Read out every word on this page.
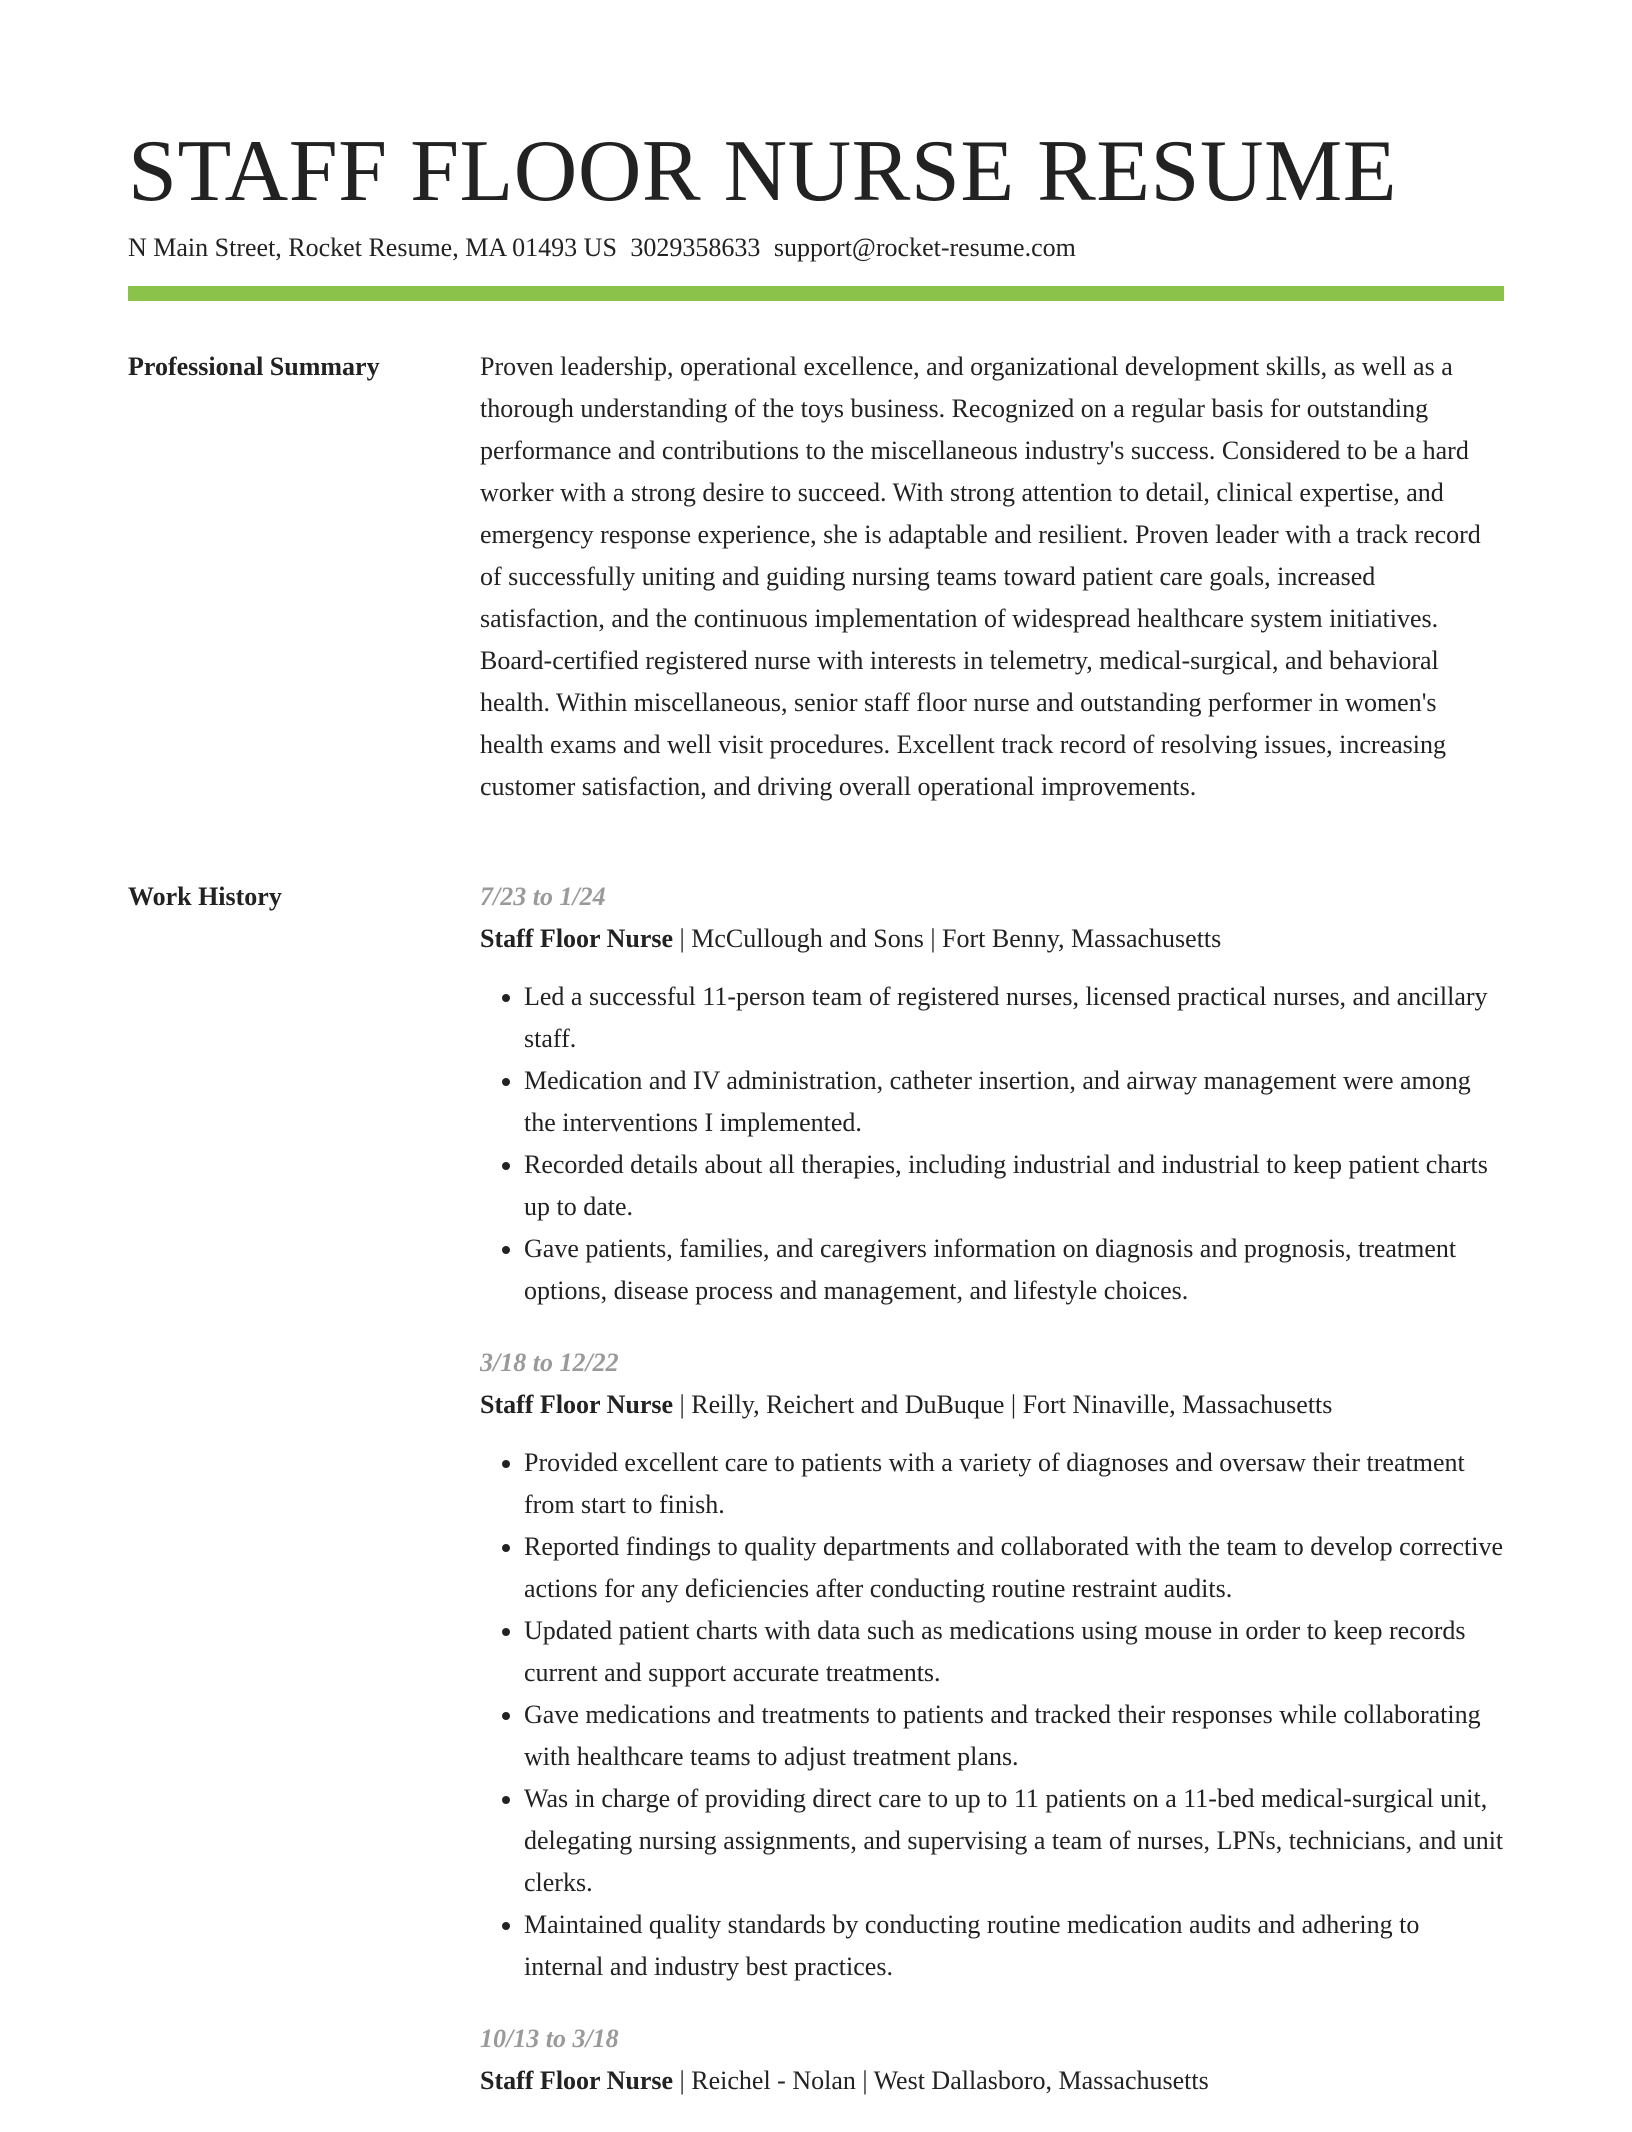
STAFF FLOOR NURSE RESUME
N Main Street, Rocket Resume, MA 01493 US 3029358633 support@rocket-resume.com
Professional Summary	Proven leadership, operational excellence, and organizational development skills, as well as a thorough understanding of the toys business. Recognized on a regular basis for outstanding performance and contributions to the miscellaneous industry's success. Considered to be a hard worker with a strong desire to succeed. With strong attention to detail, clinical expertise, and emergency response experience, she is adaptable and resilient. Proven leader with a track record of successfully uniting and guiding nursing teams toward patient care goals, increased satisfaction, and the continuous implementation of widespread healthcare system initiatives. Board-certified registered nurse with interests in telemetry, medical-surgical, and behavioral health. Within miscellaneous, senior staff floor nurse and outstanding performer in women's health exams and well visit procedures. Excellent track record of resolving issues, increasing customer satisfaction, and driving overall operational improvements.

Work History	7/23 to 1/24

Staff Floor Nurse | McCullough and Sons | Fort Benny, Massachusetts

• Led a successful 11-person team of registered nurses, licensed practical nurses, and ancillary staff.
• Medication and IV administration, catheter insertion, and airway management were among the interventions I implemented.
• Recorded details about all therapies, including industrial and industrial to keep patient charts up to date.
• Gave patients, families, and caregivers information on diagnosis and prognosis, treatment options, disease process and management, and lifestyle choices.

3/18 to 12/22

Staff Floor Nurse | Reilly, Reichert and DuBuque | Fort Ninaville, Massachusetts

• Provided excellent care to patients with a variety of diagnoses and oversaw their treatment from start to finish.
• Reported findings to quality departments and collaborated with the team to develop corrective actions for any deficiencies after conducting routine restraint audits.
• Updated patient charts with data such as medications using mouse in order to keep records current and support accurate treatments.
• Gave medications and treatments to patients and tracked their responses while collaborating with healthcare teams to adjust treatment plans.
• Was in charge of providing direct care to up to 11 patients on a 11-bed medical-surgical unit, delegating nursing assignments, and supervising a team of nurses, LPNs, technicians, and unit clerks.
• Maintained quality standards by conducting routine medication audits and adhering to internal and industry best practices.

10/13 to 3/18

Staff Floor Nurse | Reichel - Nolan | West Dallasboro, Massachusetts
